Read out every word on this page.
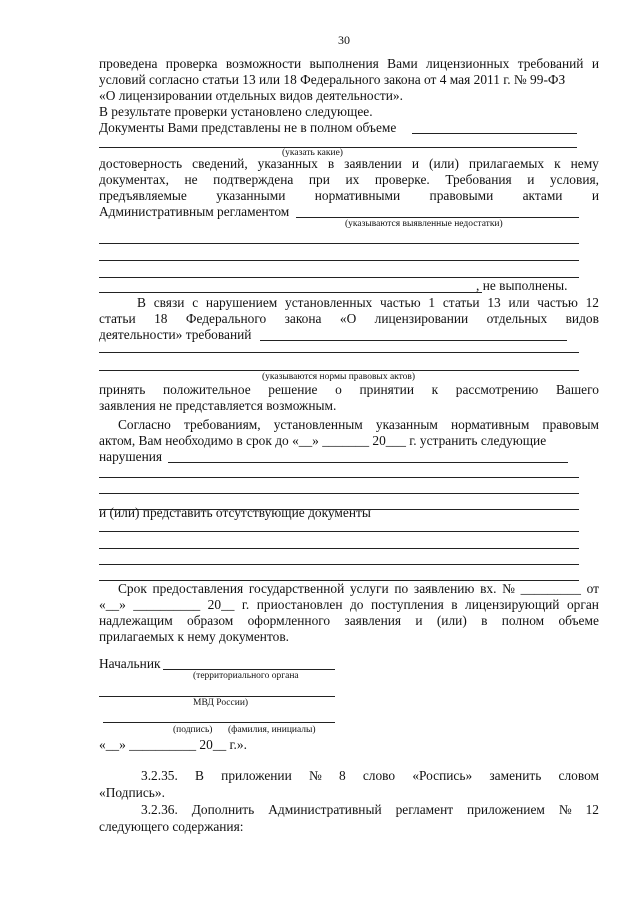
30
проведена проверка возможности выполнения Вами лицензионных требований и
условий согласно статьи 13 или 18 Федерального закона от 4 мая 2011 г. № 99-ФЗ
«О лицензировании отдельных видов деятельности».
В результате проверки установлено следующее.
Документы Вами представлены не в полном объеме
(указать какие)
достоверность сведений, указанных в заявлении и (или) прилагаемых к нему
документах, не подтверждена при их проверке. Требования и условия,
предъявляемые указанными нормативными правовыми актами и
Административным регламентом
(указываются выявленные недостатки)
, не выполнены.
В связи с нарушением установленных частью 1 статьи 13 или частью 12
статьи 18 Федерального закона «О лицензировании отдельных видов
деятельности» требований
(указываются нормы правовых актов)
принять положительное решение о принятии к рассмотрению Вашего
заявления не представляется возможным.
Согласно требованиям, установленным указанным нормативным правовым
актом, Вам необходимо в срок до «__» _______ 20___ г. устранить следующие
нарушения
и (или) представить отсутствующие документы
Срок предоставления государственной услуги по заявлению вх. № _________ от
«__» __________ 20__ г. приостановлен до поступления в лицензирующий орган
надлежащим образом оформленного заявления и (или) в полном объеме
прилагаемых к нему документов.
Начальник
(территориального органа
МВД России)
(подпись) (фамилия, инициалы)
«__» __________ 20__ г.».
3.2.35. В приложении № 8 слово «Роспись» заменить словом
«Подпись».
3.2.36. Дополнить Административный регламент приложением № 12
следующего содержания:
